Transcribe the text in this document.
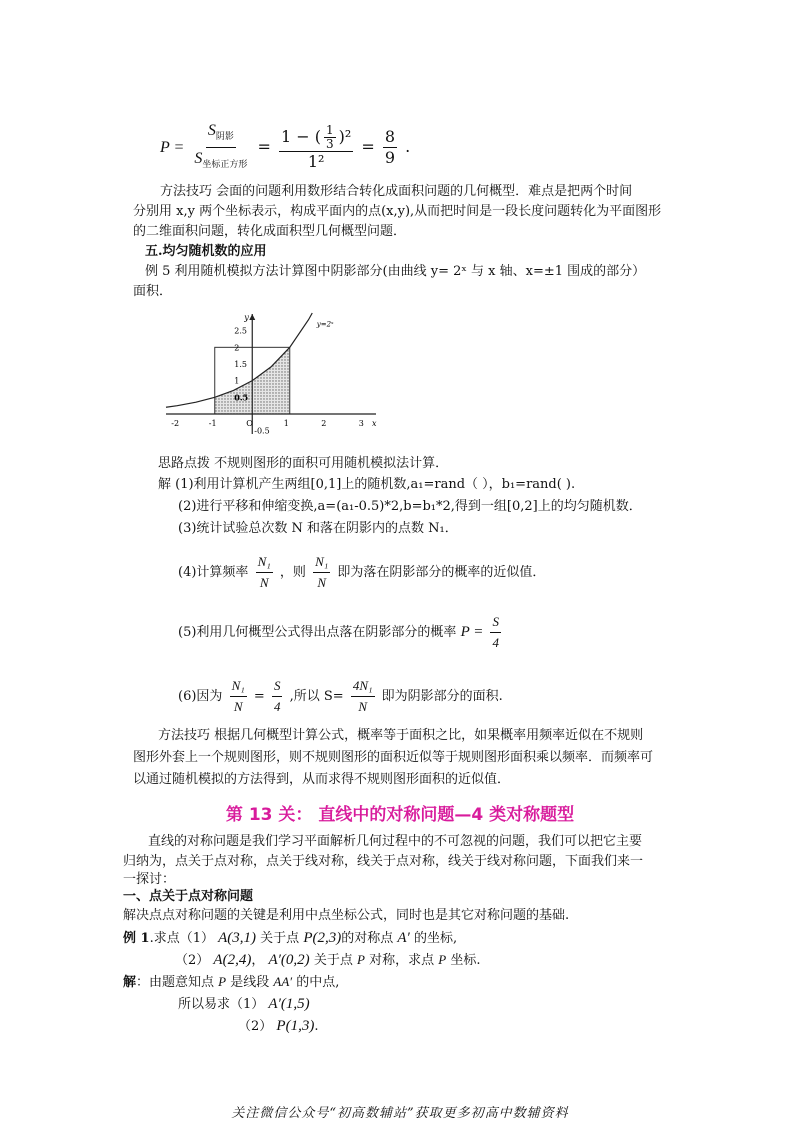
$P = \frac{S_{阴影}}{S_{坐标正方形}} = \frac{1 - ( \frac{1}{3} )^2}{\text{1²}} = \frac{8}{9}$ .
方法技巧 会面的问题利用数形结合转化成面积问题的几何概型．难点是把两个时间
分别用 x,y 两个坐标表示，构成平面内的点(x,y),从而把时间是一段长度问题转化为平面图形
的二维面积问题，转化成面积型几何概型问题．
五.均匀随机数的应用
例 5 利用随机模拟方法计算图中阴影部分(由曲线 y= 2ˣ 与 x 轴、x=±1 围成的部分）
面积．
-2	-1	O	1	2	3
2.5
2
1.5
1
0.5
-0.5
x
y
y=2ˣ
思路点拨 不规则图形的面积可用随机模拟法计算．
解 (1)利用计算机产生两组[0,1]上的随机数,a₁=rand（ ），b₁=rand( ).
(2)进行平移和伸缩变换,a=(a₁-0.5)*2,b=b₁*2,得到一组[0,2]上的均匀随机数．
(3)统计试验总次数 N 和落在阴影内的点数 N₁．
(4)计算频率 $\frac{\text{N₁}}{N}$ ，则 $\frac{\text{N₁}}{N}$ 即为落在阴影部分的概率的近似值．
(5)利用几何概型公式得出点落在阴影部分的概率 $P = \frac{S}{4}$
(6)因为 $\frac{\text{N₁}}{N} = \frac{S}{4}$ ,所以 $S= \frac{\text{4N₁}}{N}$ 即为阴影部分的面积.
方法技巧 根据几何概型计算公式，概率等于面积之比，如果概率用频率近似在不规则
图形外套上一个规则图形，则不规则图形的面积近似等于规则图形面积乘以频率．而频率可
以通过随机模拟的方法得到，从而求得不规则图形面积的近似值．
第 13 关： 直线中的对称问题—4 类对称题型
直线的对称问题是我们学习平面解析几何过程中的不可忽视的问题，我们可以把它主要
归纳为，点关于点对称，点关于线对称，线关于点对称，线关于线对称问题，下面我们来一
一探讨：
一、点关于点对称问题
解决点点对称问题的关键是利用中点坐标公式，同时也是其它对称问题的基础.
例 1.求点（1） A(3,1) 关于点 P(2,3)的对称点 A′ 的坐标,
（2） A(2,4)， A′(0,2) 关于点 P 对称，求点 P 坐标.
解：由题意知点 P 是线段 AA′ 的中点,
所以易求（1） A′(1,5)
（2） P(1,3).
关注微信公众号“初高数辅站”获取更多初高中数辅资料
